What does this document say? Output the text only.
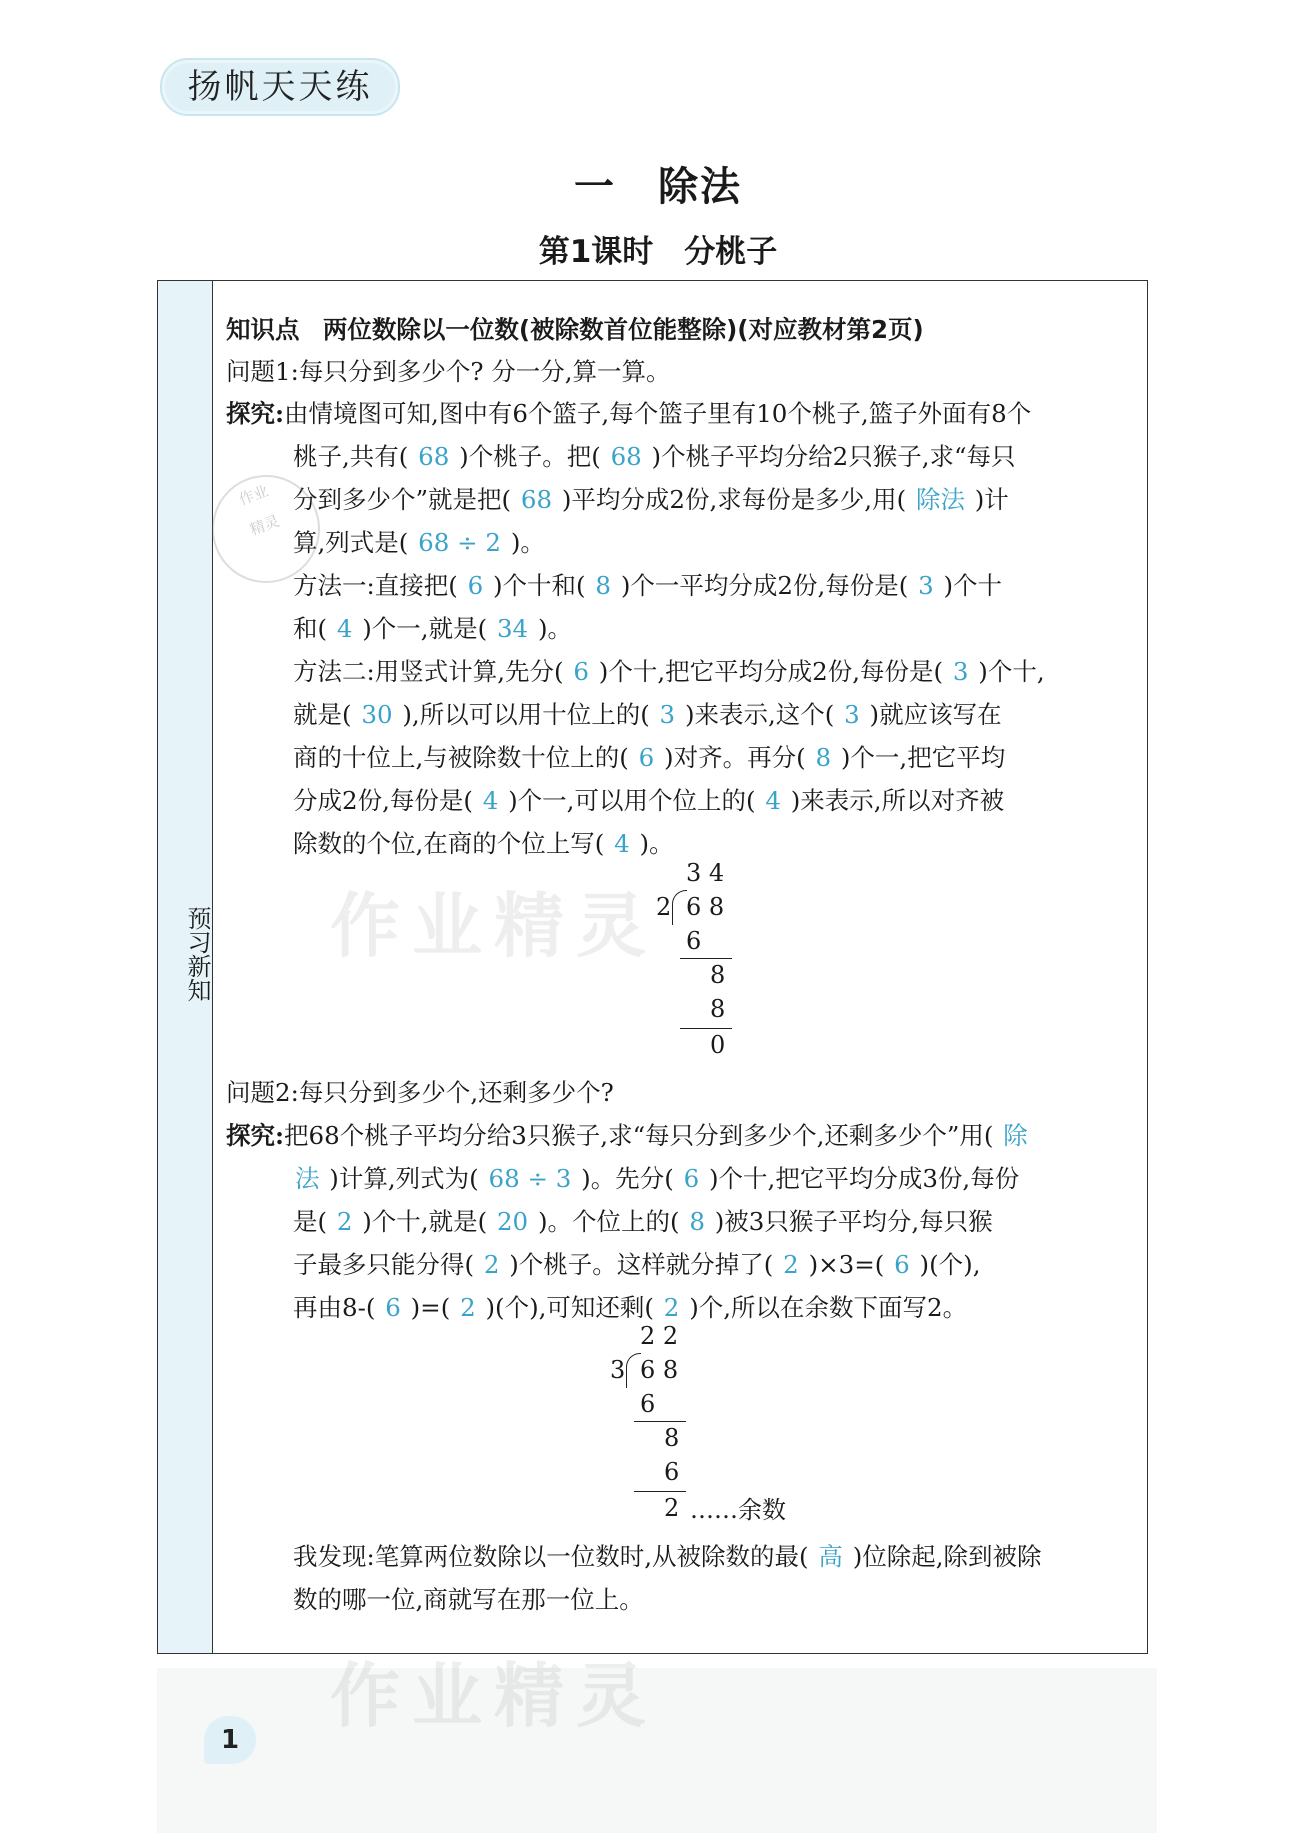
扬帆天天练
一　除法
第1课时　分桃子
预习新知
知识点 两位数除以一位数(被除数首位能整除)(对应教材第2页)
问题1:每只分到多少个? 分一分,算一算。
探究:由情境图可知,图中有6个篮子,每个篮子里有10个桃子,篮子外面有8个
桃子,共有( 68 )个桃子。把( 68 )个桃子平均分给2只猴子,求“每只
分到多少个”就是把( 68 )平均分成2份,求每份是多少,用( 除法 )计
算,列式是( 68 ÷ 2 )。
方法一:直接把( 6 )个十和( 8 )个一平均分成2份,每份是( 3 )个十
和( 4 )个一,就是( 34 )。
方法二:用竖式计算,先分( 6 )个十,把它平均分成2份,每份是( 3 )个十,
就是( 30 ),所以可以用十位上的( 3 )来表示,这个( 3 )就应该写在
商的十位上,与被除数十位上的( 6 )对齐。再分( 8 )个一,把它平均
分成2份,每份是( 4 )个一,可以用个位上的( 4 )来表示,所以对齐被
除数的个位,在商的个位上写( 4 )。
3 4
2 6 8
6
8
8
0
问题2:每只分到多少个,还剩多少个?
探究:把68个桃子平均分给3只猴子,求“每只分到多少个,还剩多少个”用( 除
法 )计算,列式为( 68 ÷ 3 )。先分( 6 )个十,把它平均分成3份,每份
是( 2 )个十,就是( 20 )。个位上的( 8 )被3只猴子平均分,每只猴
子最多只能分得( 2 )个桃子。这样就分掉了( 2 )×3=( 6 )(个),
再由8-( 6 )=( 2 )(个),可知还剩( 2 )个,所以在余数下面写2。
2 2
3 6 8
6
8
6
2 ……余数
我发现:笔算两位数除以一位数时,从被除数的最( 高 )位除起,除到被除
数的哪一位,商就写在那一位上。
作业
精灵
作业精灵
作业精灵
1
